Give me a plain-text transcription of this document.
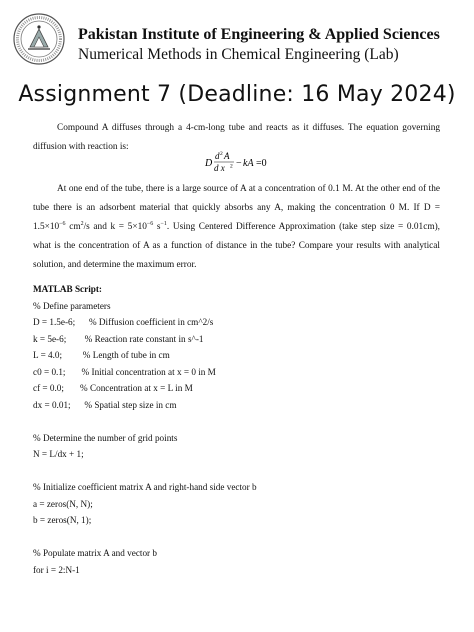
Pakistan Institute of Engineering & Applied Sciences
Numerical Methods in Chemical Engineering (Lab)
Assignment 7 (Deadline: 16 May 2024)
Compound A diffuses through a 4-cm-long tube and reacts as it diffuses. The equation governing diffusion with reaction is:
D
d 2 A
d x 2 − kA =0
At one end of the tube, there is a large source of A at a concentration of 0.1 M. At the other end of the tube there is an adsorbent material that quickly absorbs any A, making the concentration 0 M. If $D = 1.5\times 10^{-6}$ $cm^2/s$ and $k = 5\times 10^{-6}$ $s^{-1}$. Using Centered Difference Approximation (take step size = 0.01cm), what is the concentration of A as a function of distance in the tube? Compare your results with analytical solution, and determine the maximum error.
MATLAB Script:
% Define parameters
D = 1.5e-6;      % Diffusion coefficient in cm^2/s
k = 5e-6;        % Reaction rate constant in s^-1
L = 4.0;         % Length of tube in cm
c0 = 0.1;       % Initial concentration at x = 0 in M
cf = 0.0;       % Concentration at x = L in M
dx = 0.01;      % Spatial step size in cm
% Determine the number of grid points
N = L/dx + 1;
% Initialize coefficient matrix A and right-hand side vector b
a = zeros(N, N);
b = zeros(N, 1);
% Populate matrix A and vector b
for i = 2:N-1
